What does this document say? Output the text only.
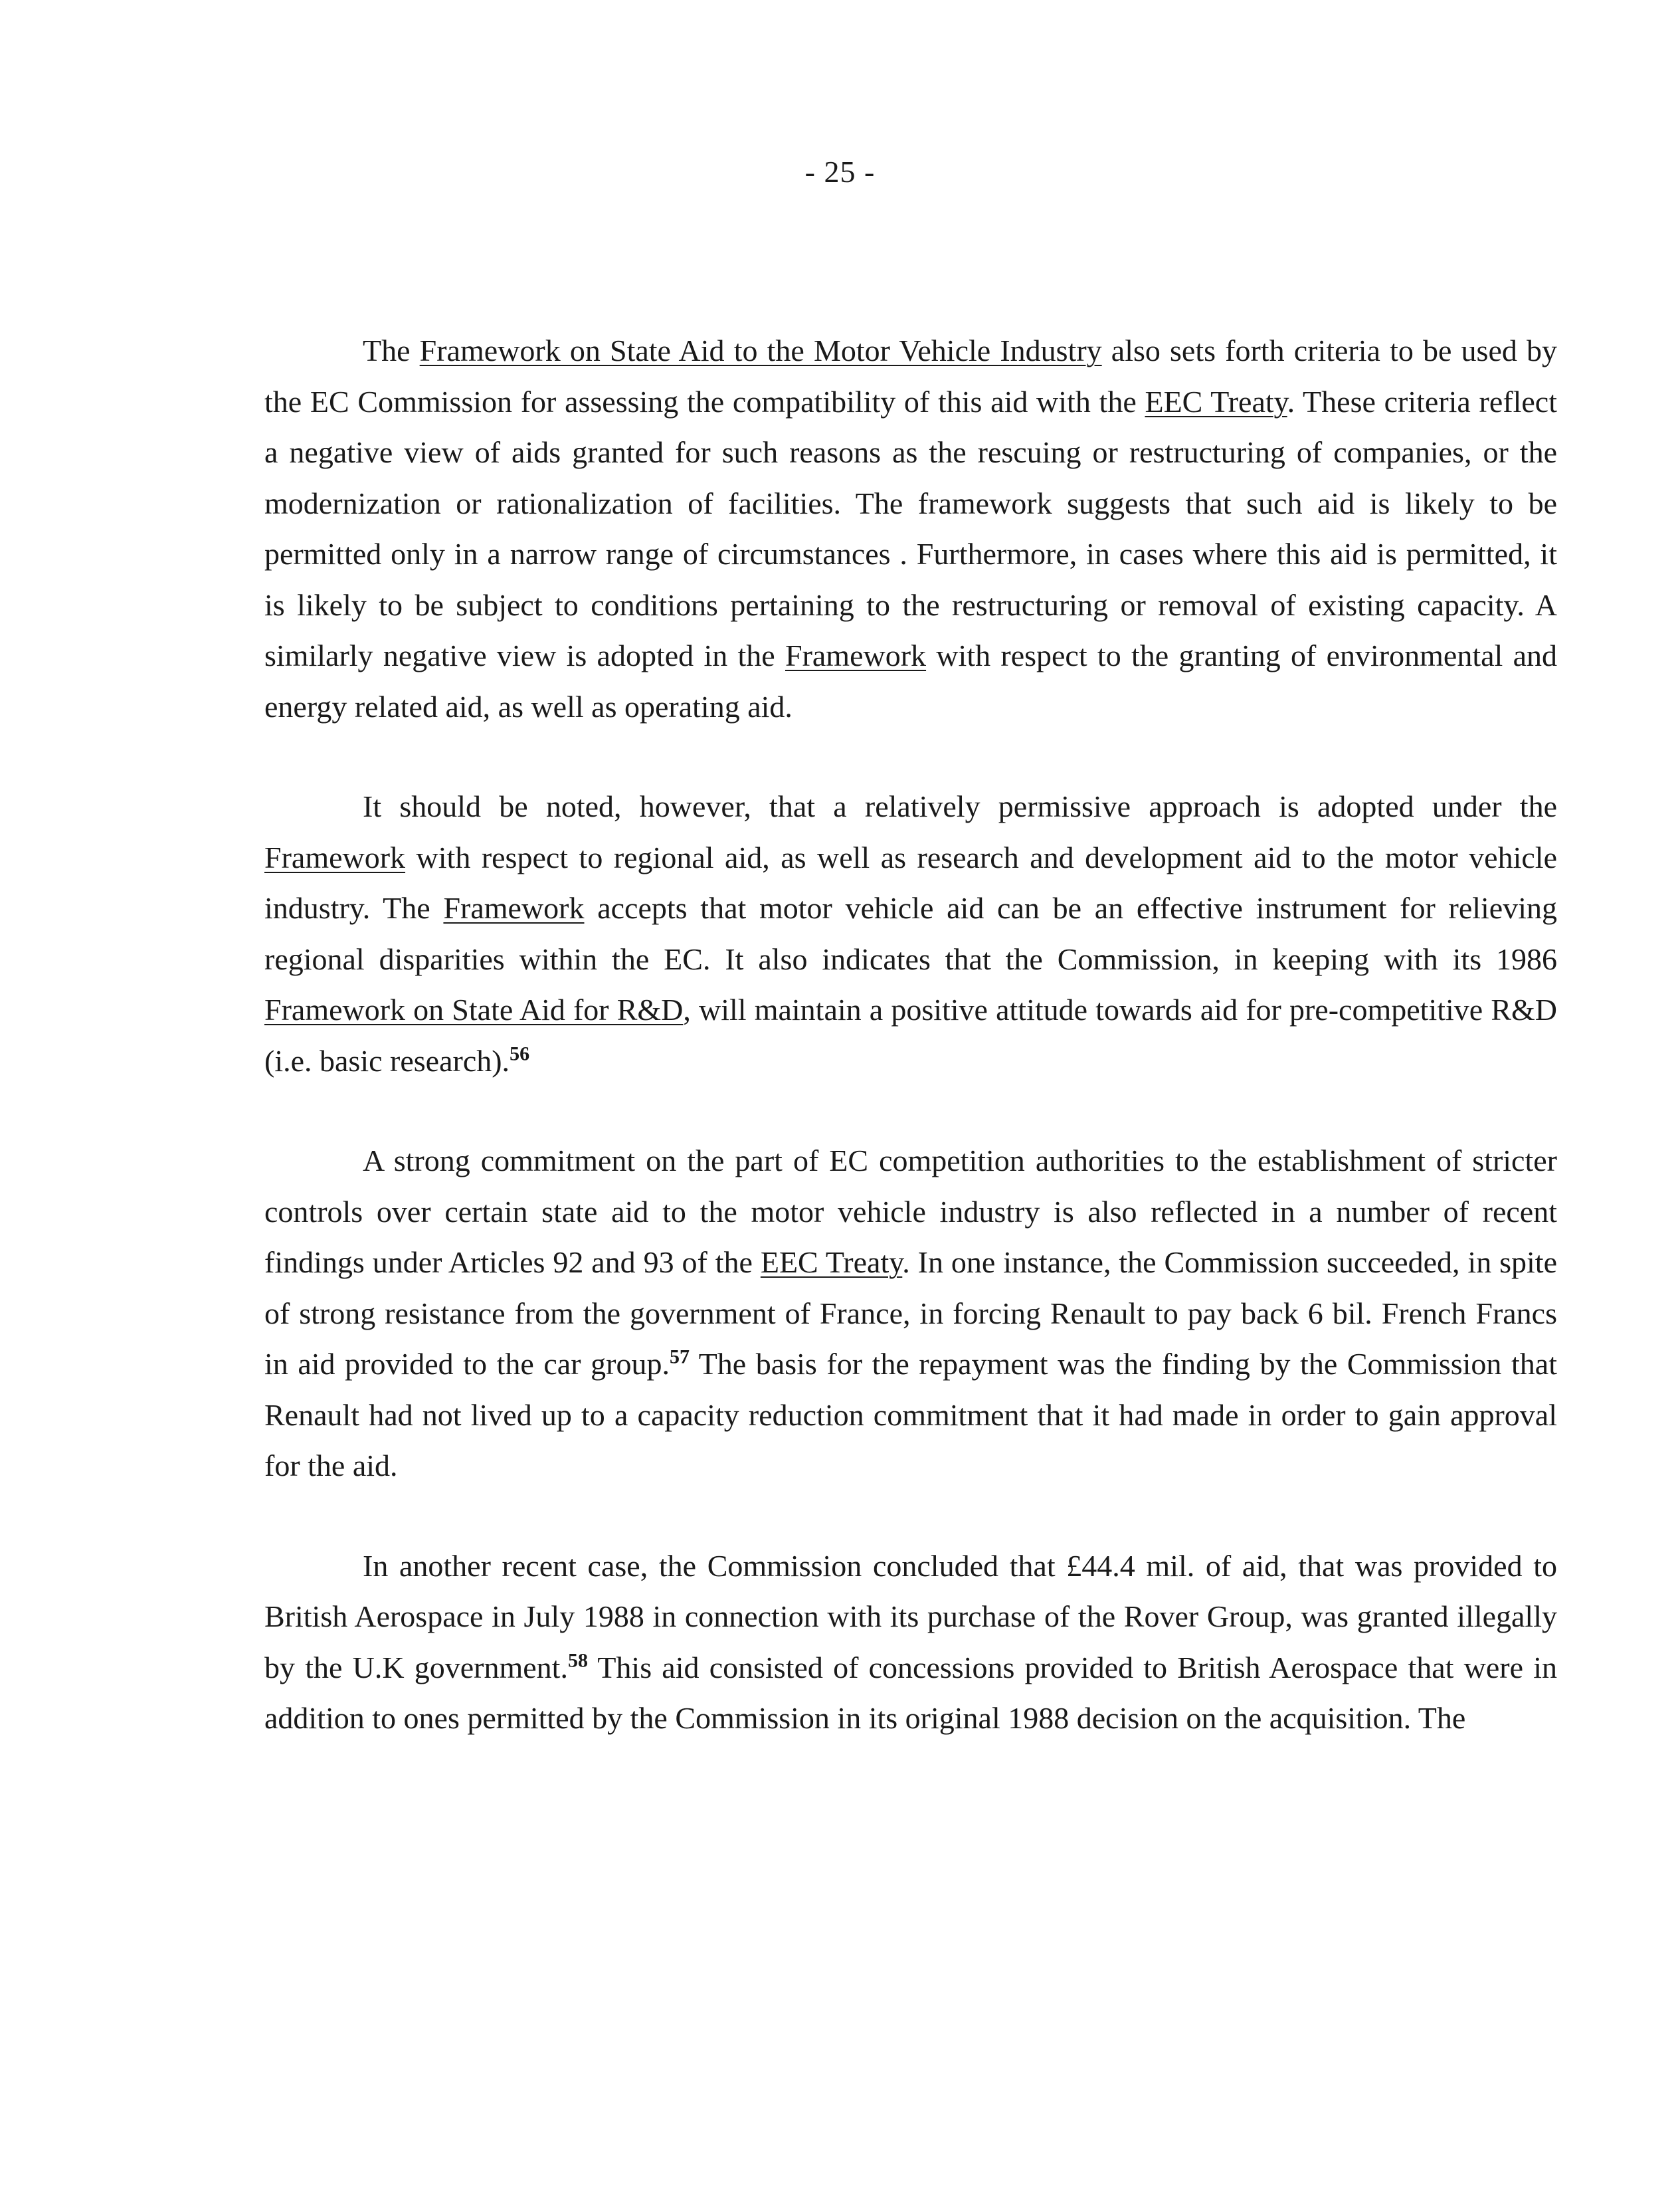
- 25 -

The Framework on State Aid to the Motor Vehicle Industry also sets forth criteria to be used by the EC Commission for assessing the compatibility of this aid with the EEC Treaty. These criteria reflect a negative view of aids granted for such reasons as the rescuing or restructuring of companies, or the modernization or rationalization of facilities. The framework suggests that such aid is likely to be permitted only in a narrow range of circumstances . Furthermore, in cases where this aid is permitted, it is likely to be subject to conditions pertaining to the restructuring or removal of existing capacity. A similarly negative view is adopted in the Framework with respect to the granting of environmental and energy related aid, as well as operating aid.

It should be noted, however, that a relatively permissive approach is adopted under the Framework with respect to regional aid, as well as research and development aid to the motor vehicle industry. The Framework accepts that motor vehicle aid can be an effective instrument for relieving regional disparities within the EC. It also indicates that the Commission, in keeping with its 1986 Framework on State Aid for R&D, will maintain a positive attitude towards aid for pre-competitive R&D (i.e. basic research).$^{56}$

A strong commitment on the part of EC competition authorities to the establishment of stricter controls over certain state aid to the motor vehicle industry is also reflected in a number of recent findings under Articles 92 and 93 of the EEC Treaty. In one instance, the Commission succeeded, in spite of strong resistance from the government of France, in forcing Renault to pay back 6 bil. French Francs in aid provided to the car group.$^{57}$ The basis for the repayment was the finding by the Commission that Renault had not lived up to a capacity reduction commitment that it had made in order to gain approval for the aid.

In another recent case, the Commission concluded that £44.4 mil. of aid, that was provided to British Aerospace in July 1988 in connection with its purchase of the Rover Group, was granted illegally by the U.K government.$^{58}$ This aid consisted of concessions provided to British Aerospace that were in addition to ones permitted by the Commission in its original 1988 decision on the acquisition. The
